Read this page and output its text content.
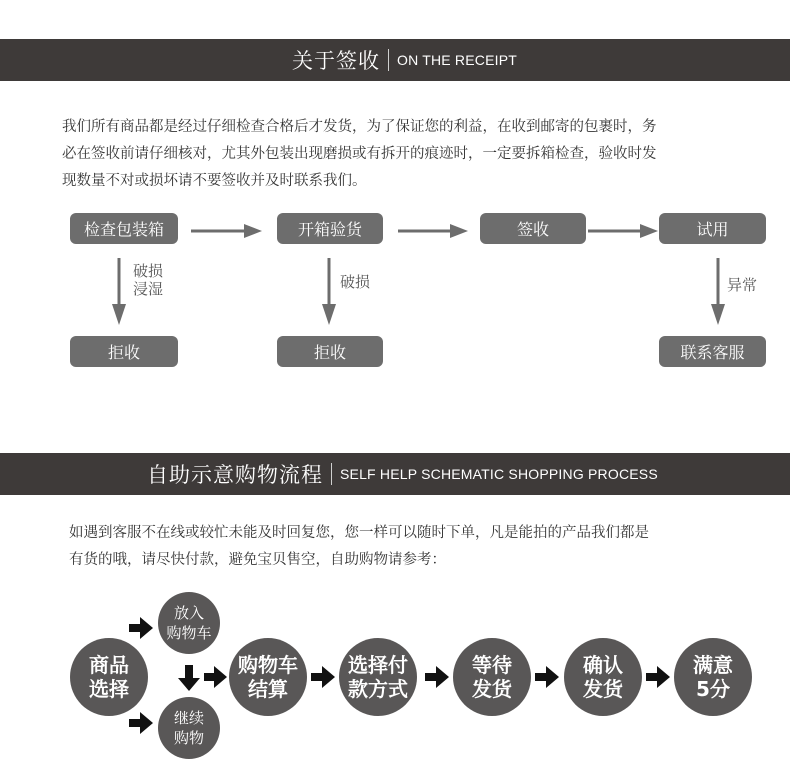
关于签收 ON THE RECEIPT
我们所有商品都是经过仔细检查合格后才发货，为了保证您的利益，在收到邮寄的包裹时，务
必在签收前请仔细核对，尤其外包装出现磨损或有拆开的痕迹时，一定要拆箱检查，验收时发
现数量不对或损坏请不要签收并及时联系我们。
检查包装箱	开箱验货	签收	试用
破损
浸湿	破损	异常
拒收	拒收	联系客服
自助示意购物流程 SELF HELP SCHEMATIC SHOPPING PROCESS
如遇到客服不在线或较忙未能及时回复您，您一样可以随时下单，凡是能拍的产品我们都是
有货的哦，请尽快付款，避免宝贝售空，自助购物请参考：
商品
选择
放入
购物车
继续
购物
购物车
结算
选择付
款方式
等待
发货
确认
发货
满意
5分
